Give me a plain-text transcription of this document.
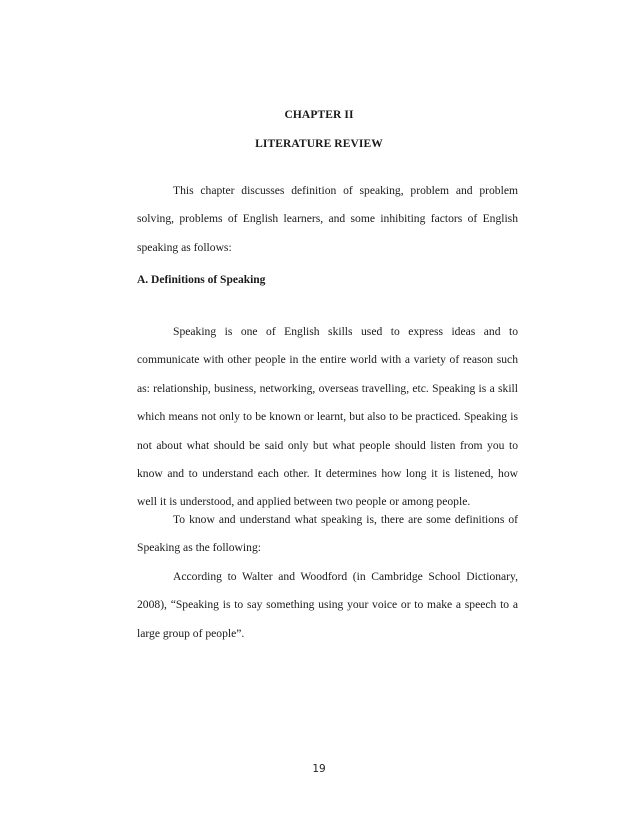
CHAPTER II
LITERATURE REVIEW

This chapter discusses definition of speaking, problem and problem solving, problems of English learners, and some inhibiting factors of English speaking as follows:

A. Definitions of Speaking

Speaking is one of English skills used to express ideas and to communicate with other people in the entire world with a variety of reason such as: relationship, business, networking, overseas travelling, etc. Speaking is a skill which means not only to be known or learnt, but also to be practiced. Speaking is not about what should be said only but what people should listen from you to know and to understand each other. It determines how long it is listened, how well it is understood, and applied between two people or among people.

To know and understand what speaking is, there are some definitions of Speaking as the following:

According to Walter and Woodford (in Cambridge School Dictionary, 2008), “Speaking is to say something using your voice or to make a speech to a large group of people”.

19
